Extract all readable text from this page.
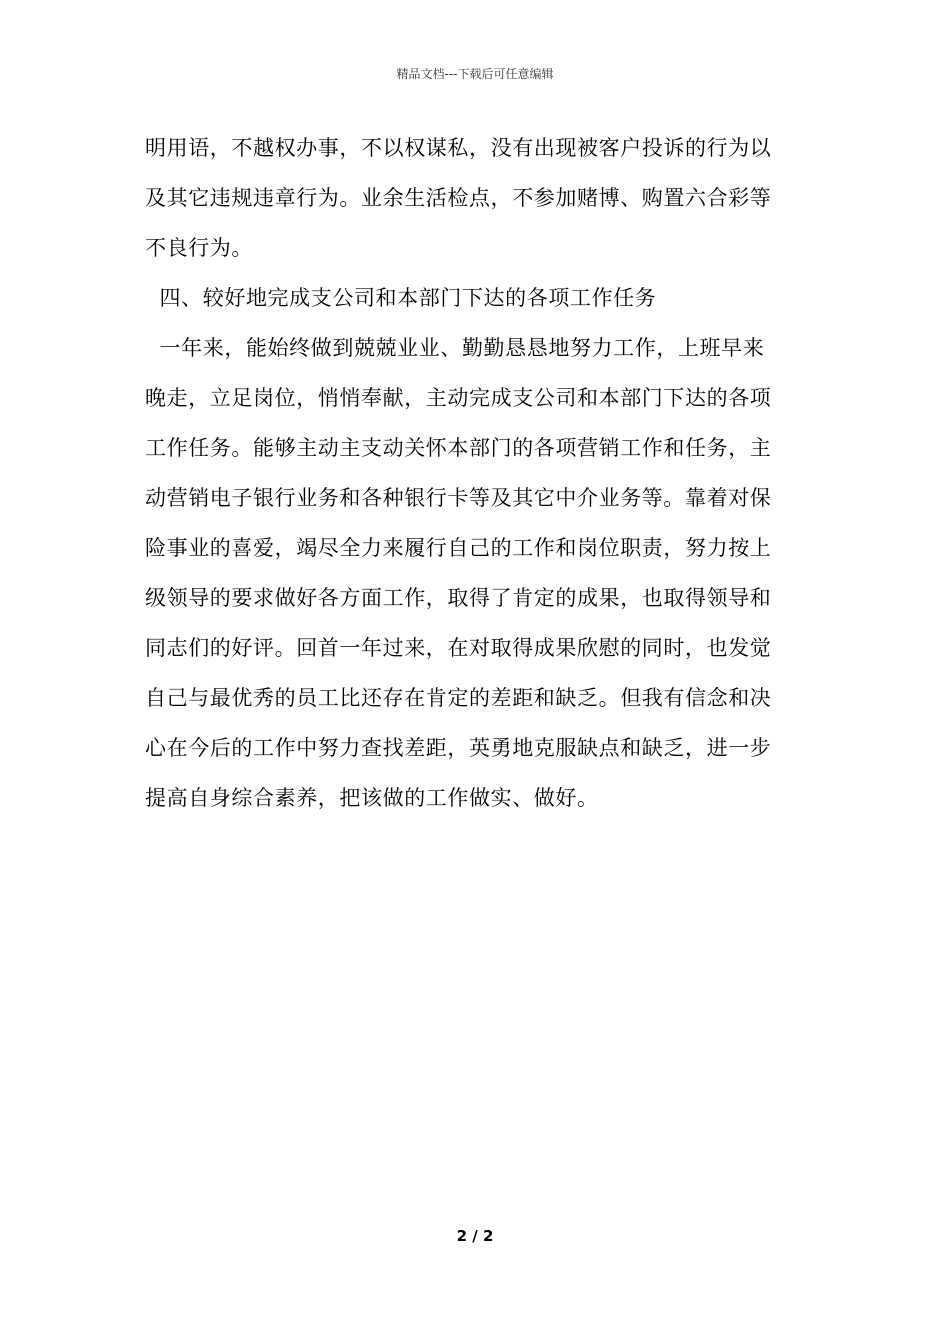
精品文档---下载后可任意编辑
明用语，不越权办事，不以权谋私，没有出现被客户投诉的行为以
及其它违规违章行为。业余生活检点，不参加赌博、购置六合彩等
不良行为。
四、较好地完成支公司和本部门下达的各项工作任务
一年来，能始终做到兢兢业业、勤勤恳恳地努力工作，上班早来
晚走，立足岗位，悄悄奉献，主动完成支公司和本部门下达的各项
工作任务。能够主动主支动关怀本部门的各项营销工作和任务，主
动营销电子银行业务和各种银行卡等及其它中介业务等。靠着对保
险事业的喜爱，竭尽全力来履行自己的工作和岗位职责，努力按上
级领导的要求做好各方面工作，取得了肯定的成果，也取得领导和
同志们的好评。回首一年过来，在对取得成果欣慰的同时，也发觉
自己与最优秀的员工比还存在肯定的差距和缺乏。但我有信念和决
心在今后的工作中努力查找差距，英勇地克服缺点和缺乏，进一步
提高自身综合素养，把该做的工作做实、做好。
2 / 2
